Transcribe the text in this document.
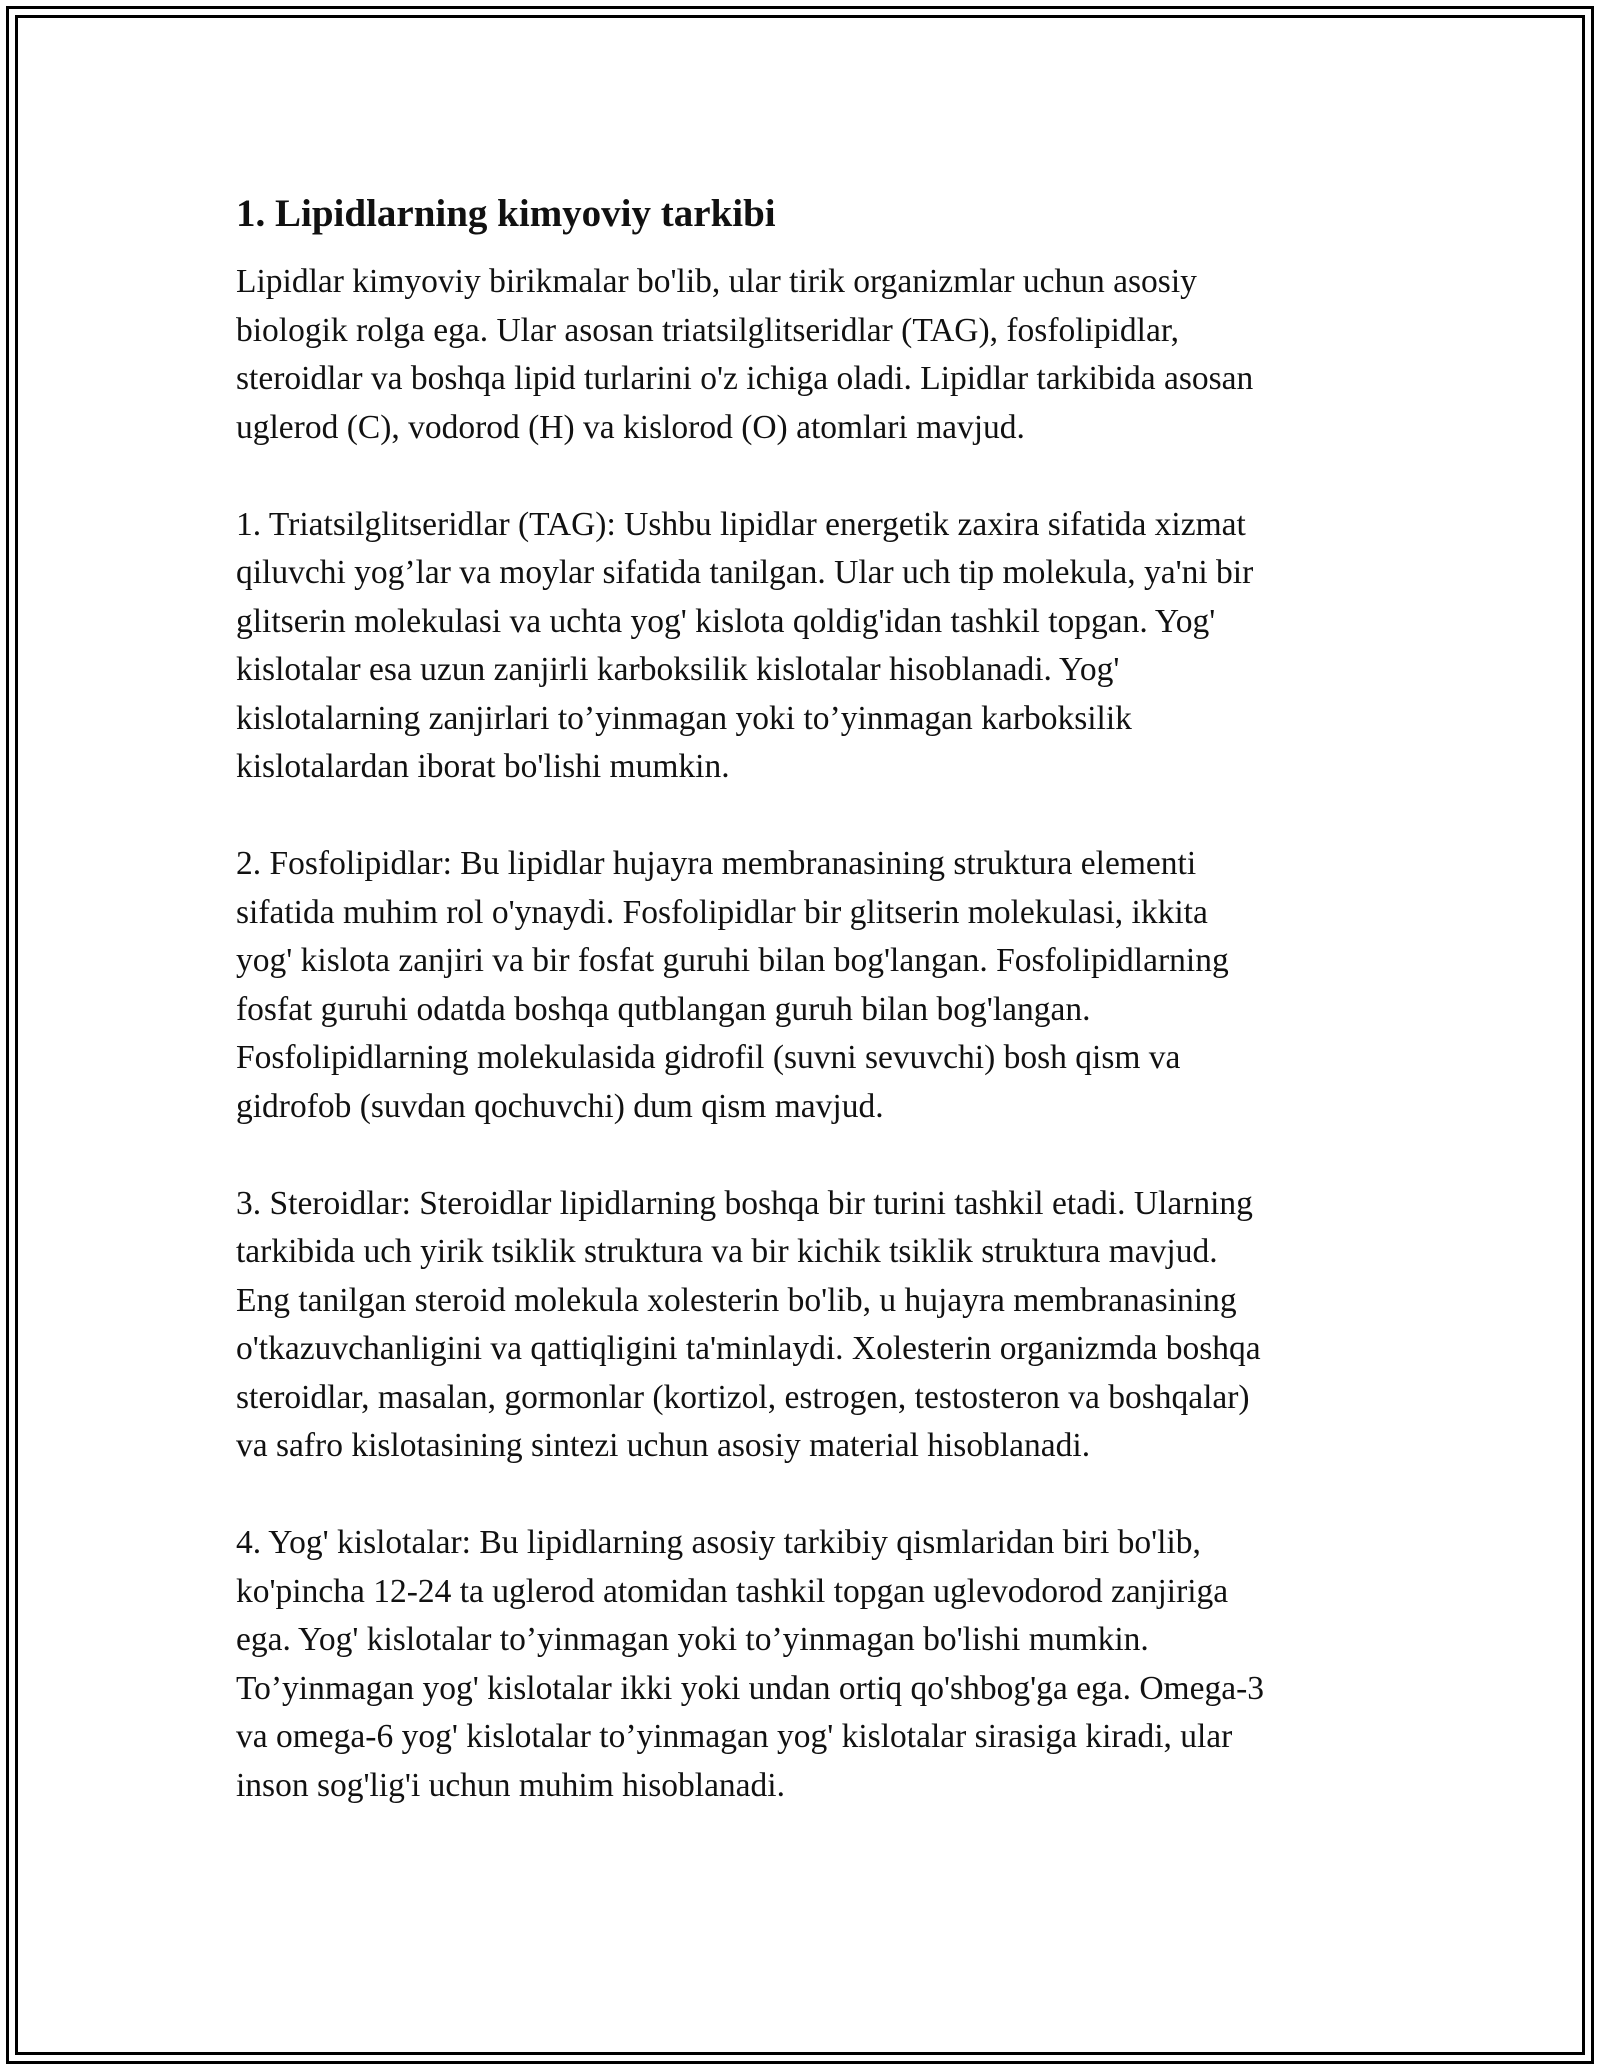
1. Lipidlarning kimyoviy tarkibi

Lipidlar kimyoviy birikmalar bo'lib, ular tirik organizmlar uchun asosiy
biologik rolga ega. Ular asosan triatsilglitseridlar (TAG), fosfolipidlar,
steroidlar va boshqa lipid turlarini o'z ichiga oladi. Lipidlar tarkibida asosan
uglerod (C), vodorod (H) va kislorod (O) atomlari mavjud.

1. Triatsilglitseridlar (TAG): Ushbu lipidlar energetik zaxira sifatida xizmat
qiluvchi yog’lar va moylar sifatida tanilgan. Ular uch tip molekula, ya'ni bir
glitserin molekulasi va uchta yog' kislota qoldig'idan tashkil topgan. Yog'
kislotalar esa uzun zanjirli karboksilik kislotalar hisoblanadi. Yog'
kislotalarning zanjirlari to’yinmagan yoki to’yinmagan karboksilik
kislotalardan iborat bo'lishi mumkin.

2. Fosfolipidlar: Bu lipidlar hujayra membranasining struktura elementi
sifatida muhim rol o'ynaydi. Fosfolipidlar bir glitserin molekulasi, ikkita
yog' kislota zanjiri va bir fosfat guruhi bilan bog'langan. Fosfolipidlarning
fosfat guruhi odatda boshqa qutblangan guruh bilan bog'langan.
Fosfolipidlarning molekulasida gidrofil (suvni sevuvchi) bosh qism va
gidrofob (suvdan qochuvchi) dum qism mavjud.

3. Steroidlar: Steroidlar lipidlarning boshqa bir turini tashkil etadi. Ularning
tarkibida uch yirik tsiklik struktura va bir kichik tsiklik struktura mavjud.
Eng tanilgan steroid molekula xolesterin bo'lib, u hujayra membranasining
o'tkazuvchanligini va qattiqligini ta'minlaydi. Xolesterin organizmda boshqa
steroidlar, masalan, gormonlar (kortizol, estrogen, testosteron va boshqalar)
va safro kislotasining sintezi uchun asosiy material hisoblanadi.

4. Yog' kislotalar: Bu lipidlarning asosiy tarkibiy qismlaridan biri bo'lib,
ko'pincha 12-24 ta uglerod atomidan tashkil topgan uglevodorod zanjiriga
ega. Yog' kislotalar to’yinmagan yoki to’yinmagan bo'lishi mumkin.
To’yinmagan yog' kislotalar ikki yoki undan ortiq qo'shbog'ga ega. Omega-3
va omega-6 yog' kislotalar to’yinmagan yog' kislotalar sirasiga kiradi, ular
inson sog'lig'i uchun muhim hisoblanadi.
